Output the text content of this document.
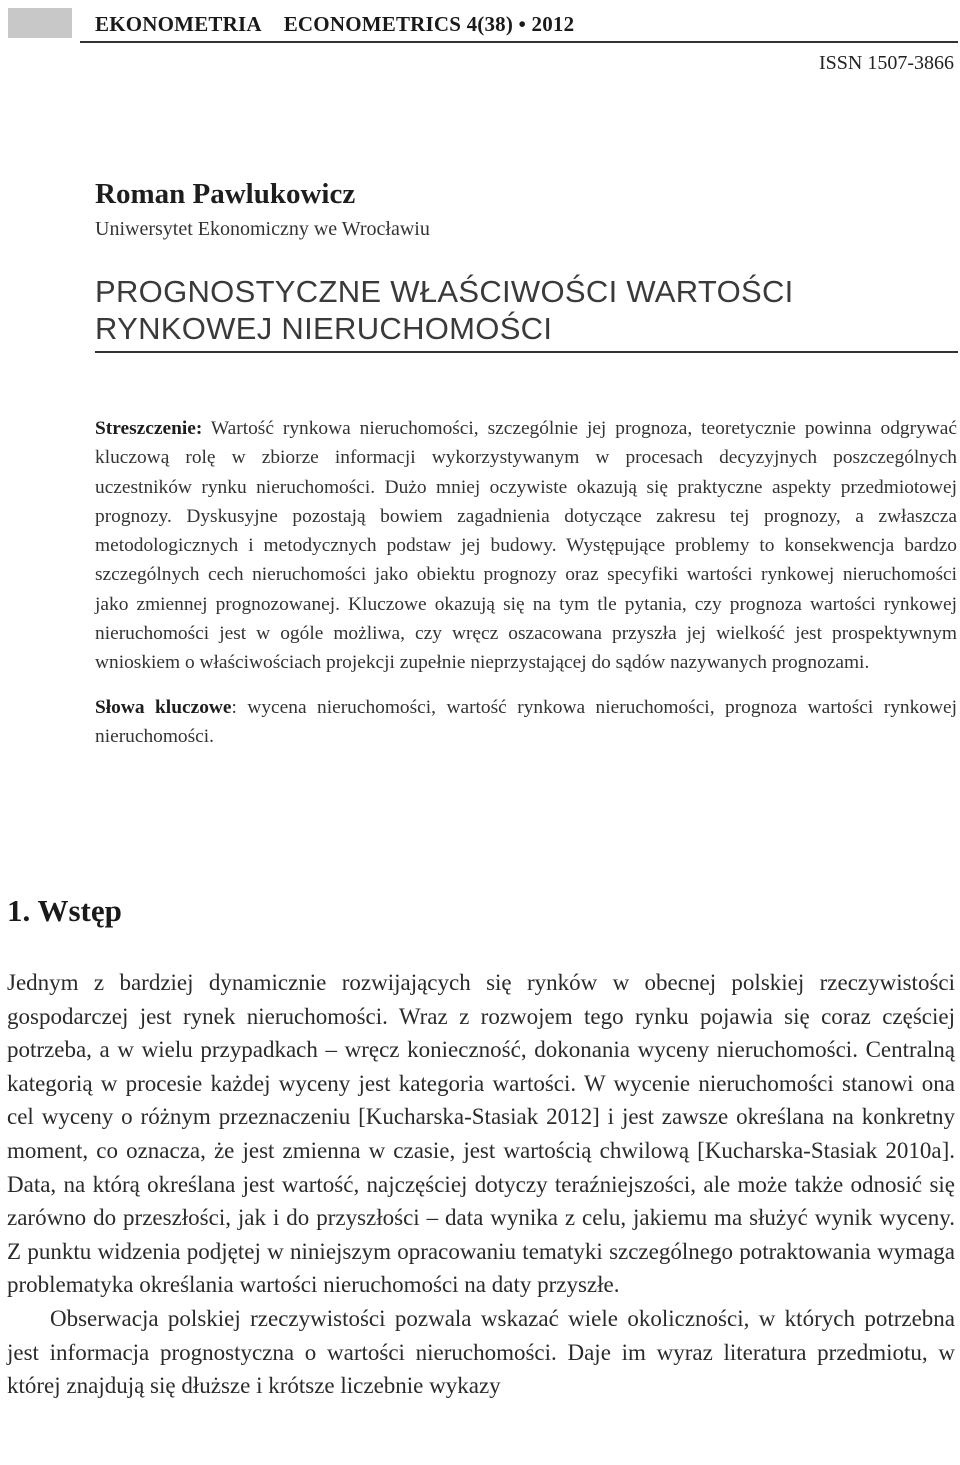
EKONOMETRIA ECONOMETRICS 4(38) • 2012
ISSN 1507-3866
Roman Pawlukowicz
Uniwersytet Ekonomiczny we Wrocławiu
PROGNOSTYCZNE WŁAŚCIWOŚCI WARTOŚCI
RYNKOWEJ NIERUCHOMOŚCI

Streszczenie: Wartość rynkowa nieruchomości, szczególnie jej prognoza, teoretycznie powinna odgrywać kluczową rolę w zbiorze informacji wykorzystywanym w procesach decyzyjnych poszczególnych uczestników rynku nieruchomości. Dużo mniej oczywiste okazują się praktyczne aspekty przedmiotowej prognozy. Dyskusyjne pozostają bowiem zagadnienia dotyczące zakresu tej prognozy, a zwłaszcza metodologicznych i metodycznych podstaw jej budowy. Występujące problemy to konsekwencja bardzo szczególnych cech nieruchomości jako obiektu prognozy oraz specyfiki wartości rynkowej nieruchomości jako zmiennej prognozowanej. Kluczowe okazują się na tym tle pytania, czy prognoza wartości rynkowej nieruchomości jest w ogóle możliwa, czy wręcz oszacowana przyszła jej wielkość jest prospektywnym wnioskiem o właściwościach projekcji zupełnie nieprzystającej do sądów nazywanych prognozami.

Słowa kluczowe: wycena nieruchomości, wartość rynkowa nieruchomości, prognoza wartości rynkowej nieruchomości.

1. Wstęp

Jednym z bardziej dynamicznie rozwijających się rynków w obecnej polskiej rzeczywistości gospodarczej jest rynek nieruchomości. Wraz z rozwojem tego rynku pojawia się coraz częściej potrzeba, a w wielu przypadkach – wręcz konieczność, dokonania wyceny nieruchomości. Centralną kategorią w procesie każdej wyceny jest kategoria wartości. W wycenie nieruchomości stanowi ona cel wyceny o różnym przeznaczeniu [Kucharska-Stasiak 2012] i jest zawsze określana na konkretny moment, co oznacza, że jest zmienna w czasie, jest wartością chwilową [Kucharska-Stasiak 2010a]. Data, na którą określana jest wartość, najczęściej dotyczy teraźniejszości, ale może także odnosić się zarówno do przeszłości, jak i do przyszłości – data wynika z celu, jakiemu ma służyć wynik wyceny. Z punktu widzenia podjętej w niniejszym opracowaniu tematyki szczególnego potraktowania wymaga problematyka określania wartości nieruchomości na daty przyszłe.

Obserwacja polskiej rzeczywistości pozwala wskazać wiele okoliczności, w których potrzebna jest informacja prognostyczna o wartości nieruchomości. Daje im wyraz literatura przedmiotu, w której znajdują się dłuższe i krótsze liczebnie wykazy
